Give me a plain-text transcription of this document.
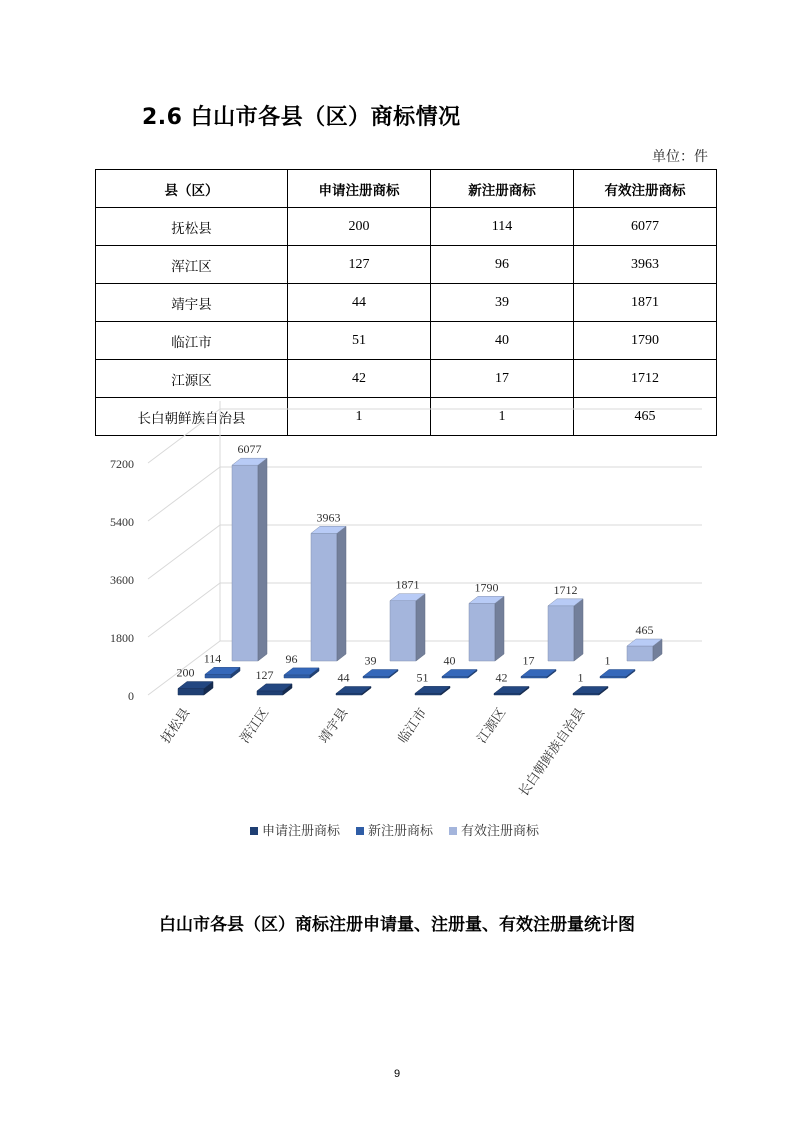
2.6 白山市各县（区）商标情况
单位：件
县（区）	申请注册商标	新注册商标	有效注册商标
抚松县	200	114	6077
浑江区	127	96	3963
靖宇县	44	39	1871
临江市	51	40	1790
江源区	42	17	1712
长白朝鲜族自治县	1	1	465
0
1800
3600
5400
7200
6077
3963
1871	1790	1712
465
114	96	39	40	17	1
200	127	44	51	42	1
抚松县	浑江区	靖宇县	临江市	江源区 长白朝鲜族自治县
申请注册商标 新注册商标 有效注册商标
白山市各县（区）商标注册申请量、注册量、有效注册量统计图
9
